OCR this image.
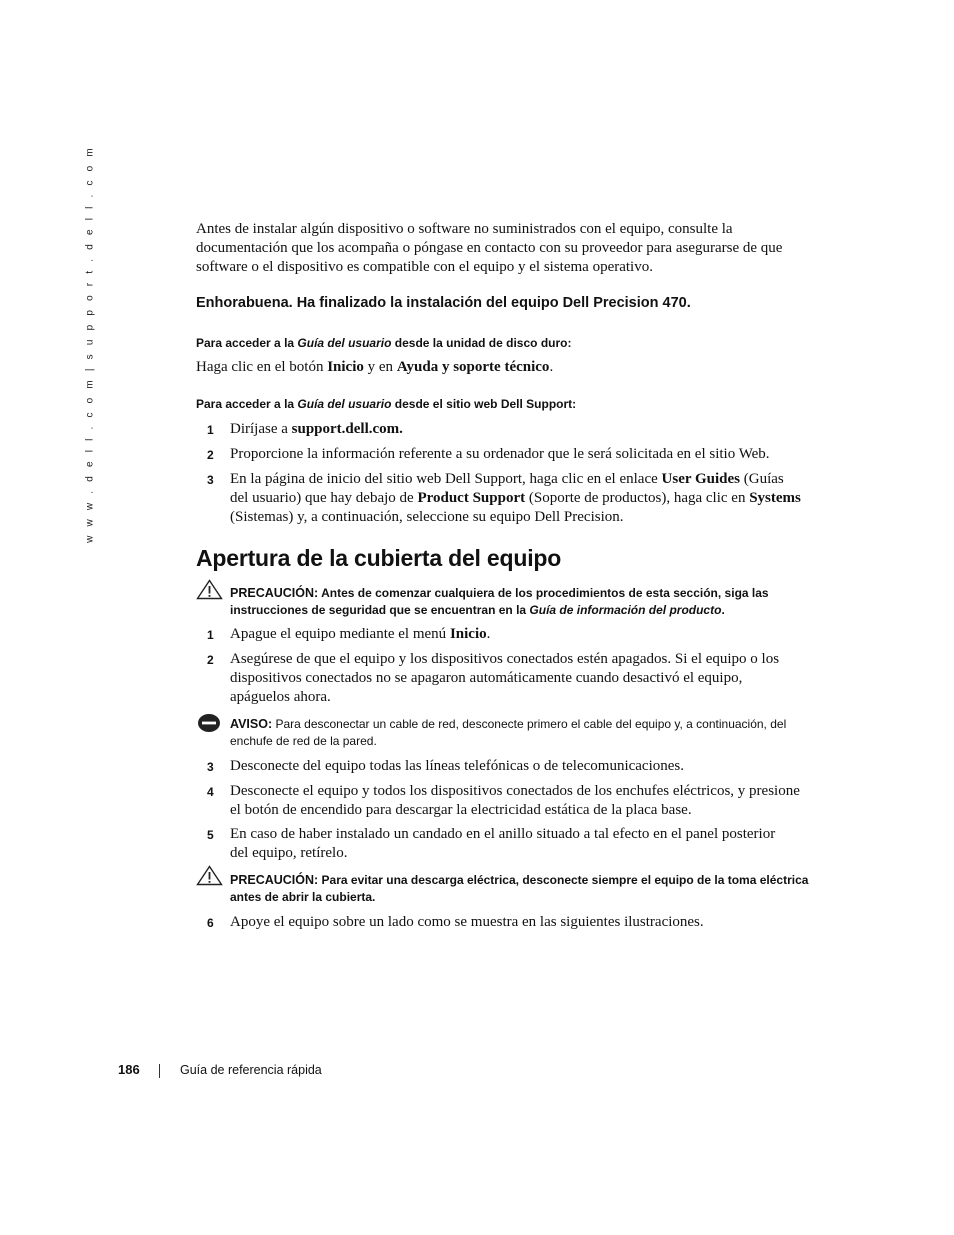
w w w . d e l l . c o m | s u p p o r t . d e l l . c o m	Antes de instalar algún dispositivo o software no suministrados con el equipo, consulte la
documentación que los acompaña o póngase en contacto con su proveedor para asegurarse de que
software o el dispositivo es compatible con el equipo y el sistema operativo.
Enhorabuena. Ha finalizado la instalación del equipo Dell Precision 470.
Para acceder a la Guía del usuario desde la unidad de disco duro:
Haga clic en el botón Inicio y en Ayuda y soporte técnico.
Para acceder a la Guía del usuario desde el sitio web Dell Support:
1 Diríjase a support.dell.com.
2 Proporcione la información referente a su ordenador que le será solicitada en el sitio Web.
3 En la página de inicio del sitio web Dell Support, haga clic en el enlace User Guides (Guías
del usuario) que hay debajo de Product Support (Soporte de productos), haga clic en Systems
(Sistemas) y, a continuación, seleccione su equipo Dell Precision.
Apertura de la cubierta del equipo
PRECAUCIÓN: Antes de comenzar cualquiera de los procedimientos de esta sección, siga las
instrucciones de seguridad que se encuentran en la Guía de información del producto.
1 Apague el equipo mediante el menú Inicio.
2 Asegúrese de que el equipo y los dispositivos conectados estén apagados. Si el equipo o los
dispositivos conectados no se apagaron automáticamente cuando desactivó el equipo,
apáguelos ahora.
AVISO: Para desconectar un cable de red, desconecte primero el cable del equipo y, a continuación, del
enchufe de red de la pared.
3 Desconecte del equipo todas las líneas telefónicas o de telecomunicaciones.
4 Desconecte el equipo y todos los dispositivos conectados de los enchufes eléctricos, y presione
el botón de encendido para descargar la electricidad estática de la placa base.
5 En caso de haber instalado un candado en el anillo situado a tal efecto en el panel posterior
del equipo, retírelo.
PRECAUCIÓN: Para evitar una descarga eléctrica, desconecte siempre el equipo de la toma eléctrica
antes de abrir la cubierta.
6 Apoye el equipo sobre un lado como se muestra en las siguientes ilustraciones.
186	Guía de referencia rápida
